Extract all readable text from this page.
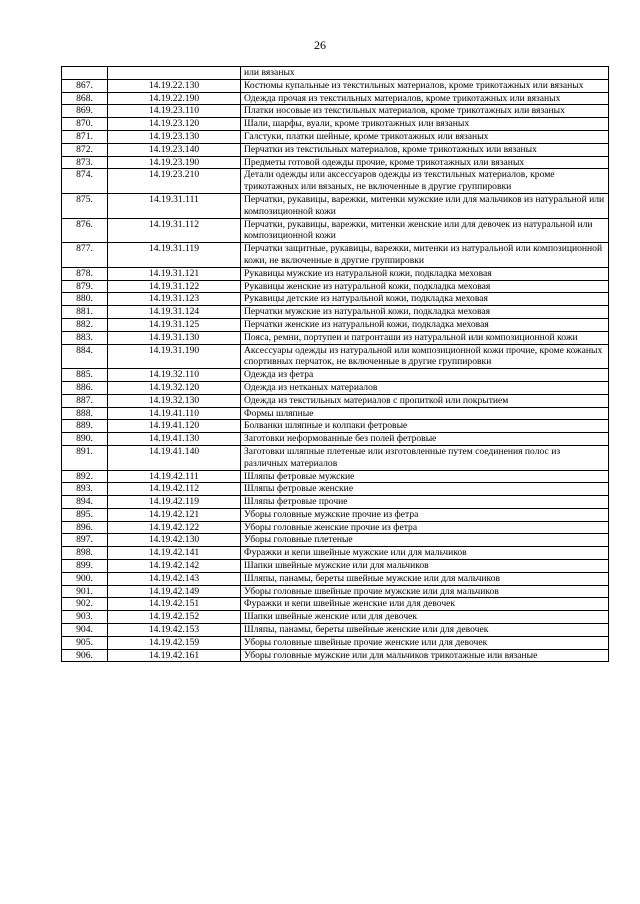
26
		или вязаных
867.	14.19.22.130	Костюмы купальные из текстильных материалов, кроме трикотажных или вязаных
868.	14.19.22.190	Одежда прочая из текстильных материалов, кроме трикотажных или вязаных
869.	14.19.23.110	Платки носовые из текстильных материалов, кроме трикотажных или вязаных
870.	14.19.23.120	Шали, шарфы, вуали, кроме трикотажных или вязаных
871.	14.19.23.130	Галстуки, платки шейные, кроме трикотажных или вязаных
872.	14.19.23.140	Перчатки из текстильных материалов, кроме трикотажных или вязаных
873.	14.19.23.190	Предметы готовой одежды прочие, кроме трикотажных или вязаных
874.	14.19.23.210	Детали одежды или аксессуаров одежды из текстильных материалов, кроме трикотажных или вязаных, не включенные в другие группировки
875.	14.19.31.111	Перчатки, рукавицы, варежки, митенки мужские или для мальчиков из натуральной или композиционной кожи
876.	14.19.31.112	Перчатки, рукавицы, варежки, митенки женские или для девочек из натуральной или композиционной кожи
877.	14.19.31.119	Перчатки защитные, рукавицы, варежки, митенки из натуральной или композиционной кожи, не включенные в другие группировки
878.	14.19.31.121	Рукавицы мужские из натуральной кожи, подкладка меховая
879.	14.19.31.122	Рукавицы женские из натуральной кожи, подкладка меховая
880.	14.19.31.123	Рукавицы детские из натуральной кожи, подкладка меховая
881.	14.19.31.124	Перчатки мужские из натуральной кожи, подкладка меховая
882.	14.19.31.125	Перчатки женские из натуральной кожи, подкладка меховая
883.	14.19.31.130	Пояса, ремни, портупеи и патронташи из натуральной или композиционной кожи
884.	14.19.31.190	Аксессуары одежды из натуральной или композиционной кожи прочие, кроме кожаных спортивных перчаток, не включенные в другие группировки
885.	14.19.32.110	Одежда из фетра
886.	14.19.32.120	Одежда из нетканых материалов
887.	14.19.32.130	Одежда из текстильных материалов с пропиткой или покрытием
888.	14.19.41.110	Формы шляпные
889.	14.19.41.120	Болванки шляпные и колпаки фетровые
890.	14.19.41.130	Заготовки неформованные без полей фетровые
891.	14.19.41.140	Заготовки шляпные плетеные или изготовленные путем соединения полос из различных материалов
892.	14.19.42.111	Шляпы фетровые мужские
893.	14.19.42.112	Шляпы фетровые женские
894.	14.19.42.119	Шляпы фетровые прочие
895.	14.19.42.121	Уборы головные мужские прочие из фетра
896.	14.19.42.122	Уборы головные женские прочие из фетра
897.	14.19.42.130	Уборы головные плетеные
898.	14.19.42.141	Фуражки и кепи швейные мужские или для мальчиков
899.	14.19.42.142	Шапки швейные мужские или для мальчиков
900.	14.19.42.143	Шляпы, панамы, береты швейные мужские или для мальчиков
901.	14.19.42.149	Уборы головные швейные прочие мужские или для мальчиков
902.	14.19.42.151	Фуражки и кепи швейные женские или для девочек
903.	14.19.42.152	Шапки швейные женские или для девочек
904.	14.19.42.153	Шляпы, панамы, береты швейные женские или для девочек
905.	14.19.42.159	Уборы головные швейные прочие женские или для девочек
906.	14.19.42.161	Уборы головные мужские или для мальчиков трикотажные или вязаные
